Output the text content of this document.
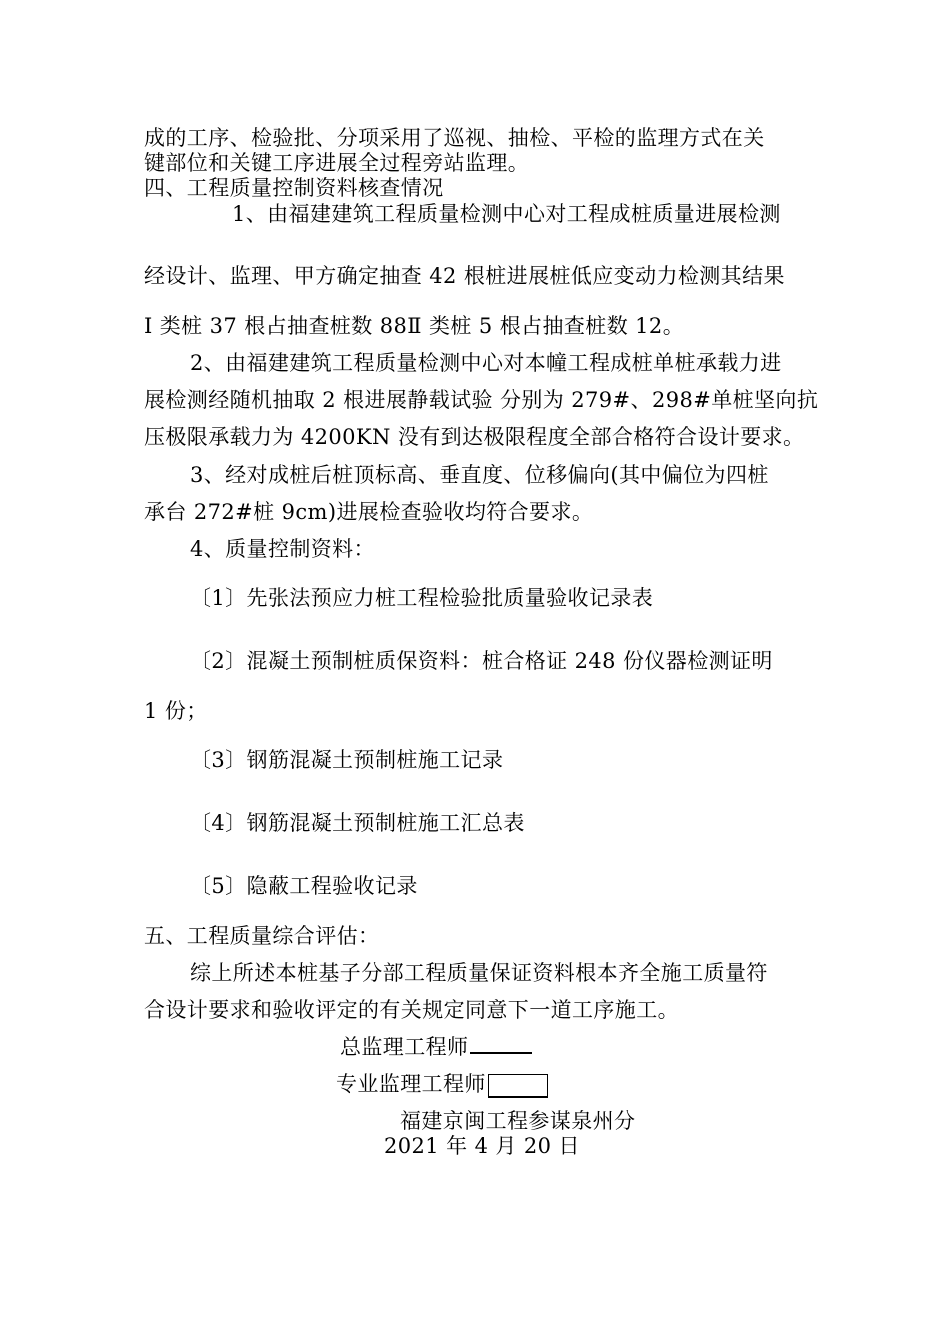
成的工序、检验批、分项采用了巡视、抽检、平检的监理方式在关
键部位和关键工序进展全过程旁站监理。
四、工程质量控制资料核查情况
1、由福建建筑工程质量检测中心对工程成桩质量进展检测
经设计、监理、甲方确定抽查 42 根桩进展桩低应变动力检测其结果
I 类桩 37 根占抽查桩数 88Ⅱ 类桩 5 根占抽查桩数 12。
2、由福建建筑工程质量检测中心对本幢工程成桩单桩承载力进
展检测经随机抽取 2 根进展静载试验 分别为 279#、298#单桩坚向抗
压极限承载力为 4200KN 没有到达极限程度全部合格符合设计要求。
3、经对成桩后桩顶标高、垂直度、位移偏向(其中偏位为四桩
承台 272#桩 9cm)进展检查验收均符合要求。
4、质量控制资料：
〔1〕先张法预应力桩工程检验批质量验收记录表
〔2〕混凝土预制桩质保资料：桩合格证 248 份仪器检测证明
1 份；
〔3〕钢筋混凝土预制桩施工记录
〔4〕钢筋混凝土预制桩施工汇总表
〔5〕隐蔽工程验收记录
五、工程质量综合评估：
综上所述本桩基子分部工程质量保证资料根本齐全施工质量符
合设计要求和验收评定的有关规定同意下一道工序施工。
总监理工程师
专业监理工程师
福建京闽工程参谋泉州分
2021 年 4 月 20 日
